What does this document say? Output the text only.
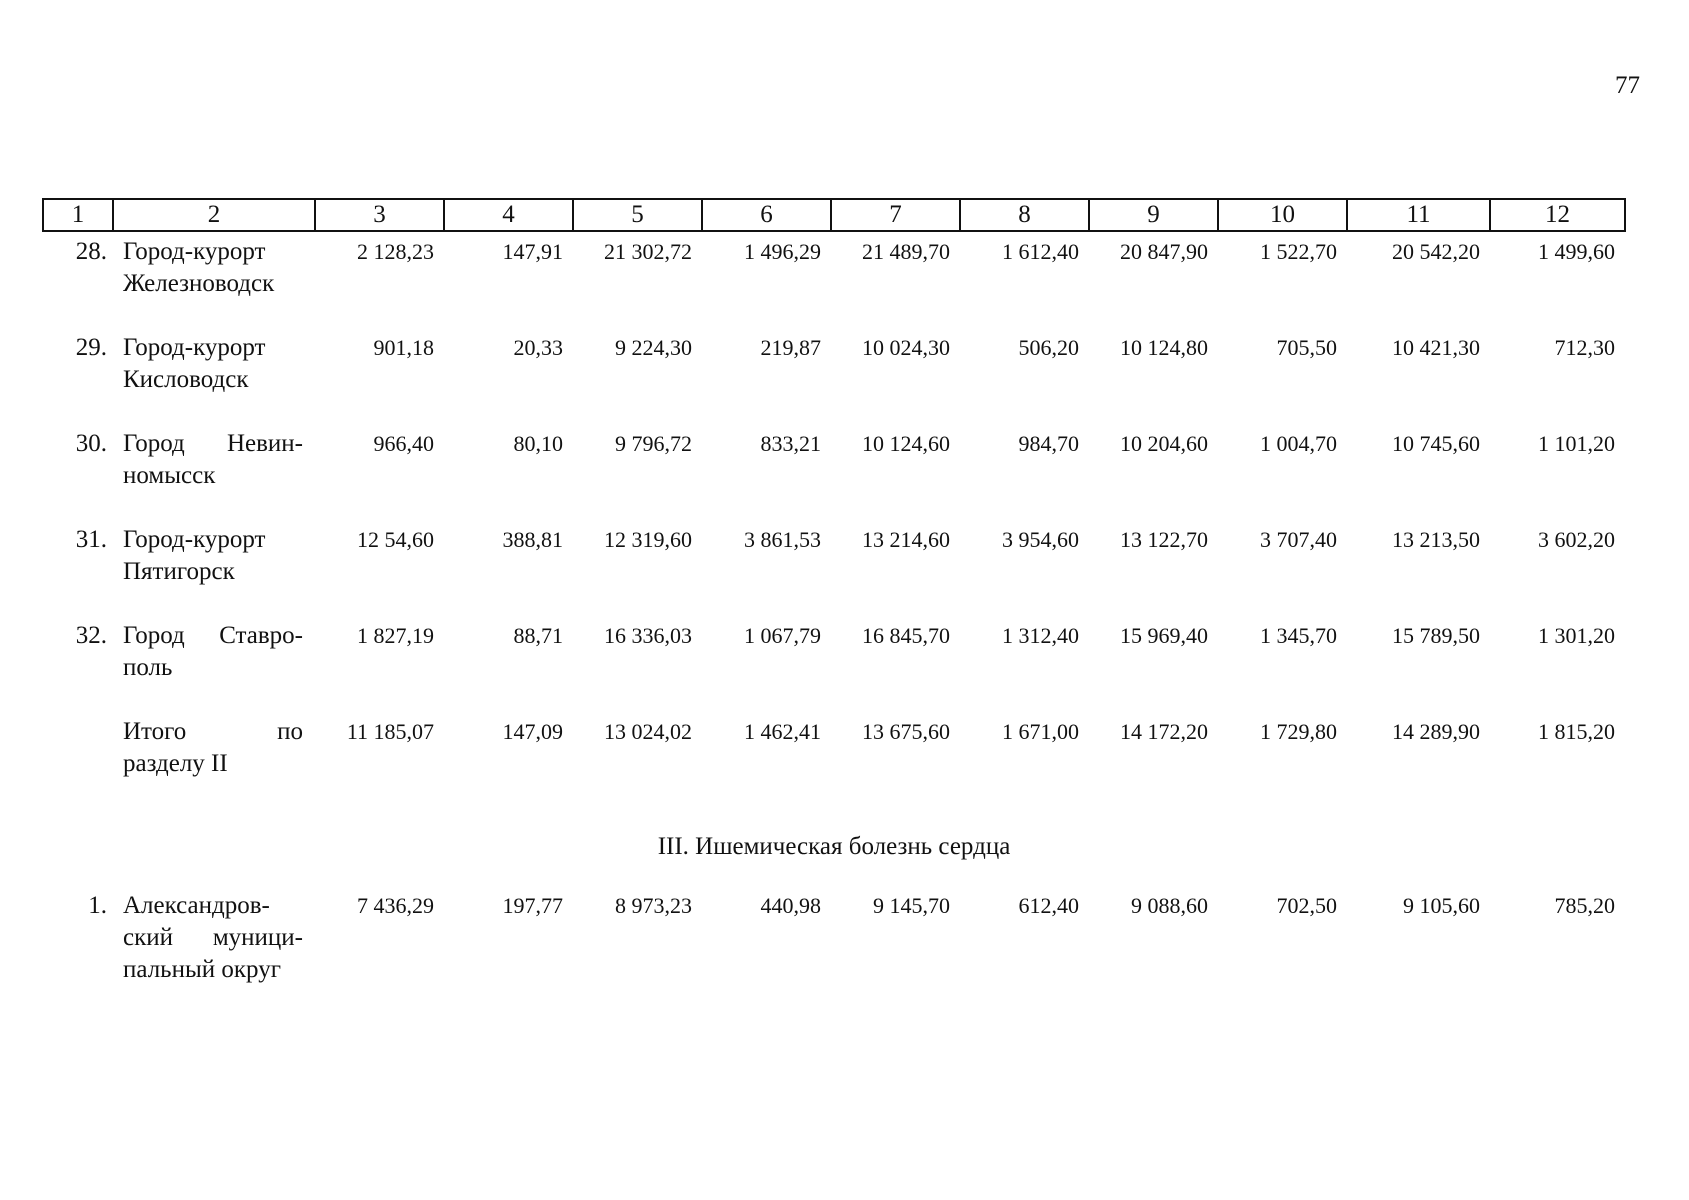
77
1	2	3	4	5	6	7	8	9	10	11	12
28.	Город-курорт Железноводск	2 128,23	147,91	21 302,72	1 496,29	21 489,70	1 612,40	20 847,90	1 522,70	20 542,20	1 499,60
29.	Город-курорт Кисловодск	901,18	20,33	9 224,30	219,87	10 024,30	506,20	10 124,80	705,50	10 421,30	712,30
30.	Город Невин-номысск	966,40	80,10	9 796,72	833,21	10 124,60	984,70	10 204,60	1 004,70	10 745,60	1 101,20
31.	Город-курорт Пятигорск	12 54,60	388,81	12 319,60	3 861,53	13 214,60	3 954,60	13 122,70	3 707,40	13 213,50	3 602,20
32.	Город Ставро-поль	1 827,19	88,71	16 336,03	1 067,79	16 845,70	1 312,40	15 969,40	1 345,70	15 789,50	1 301,20
	Итого по разделу II	11 185,07	147,09	13 024,02	1 462,41	13 675,60	1 671,00	14 172,20	1 729,80	14 289,90	1 815,20
III. Ишемическая болезнь сердца											
1.	Александров-ский муници-пальный округ	7 436,29	197,77	8 973,23	440,98	9 145,70	612,40	9 088,60	702,50	9 105,60	785,20
